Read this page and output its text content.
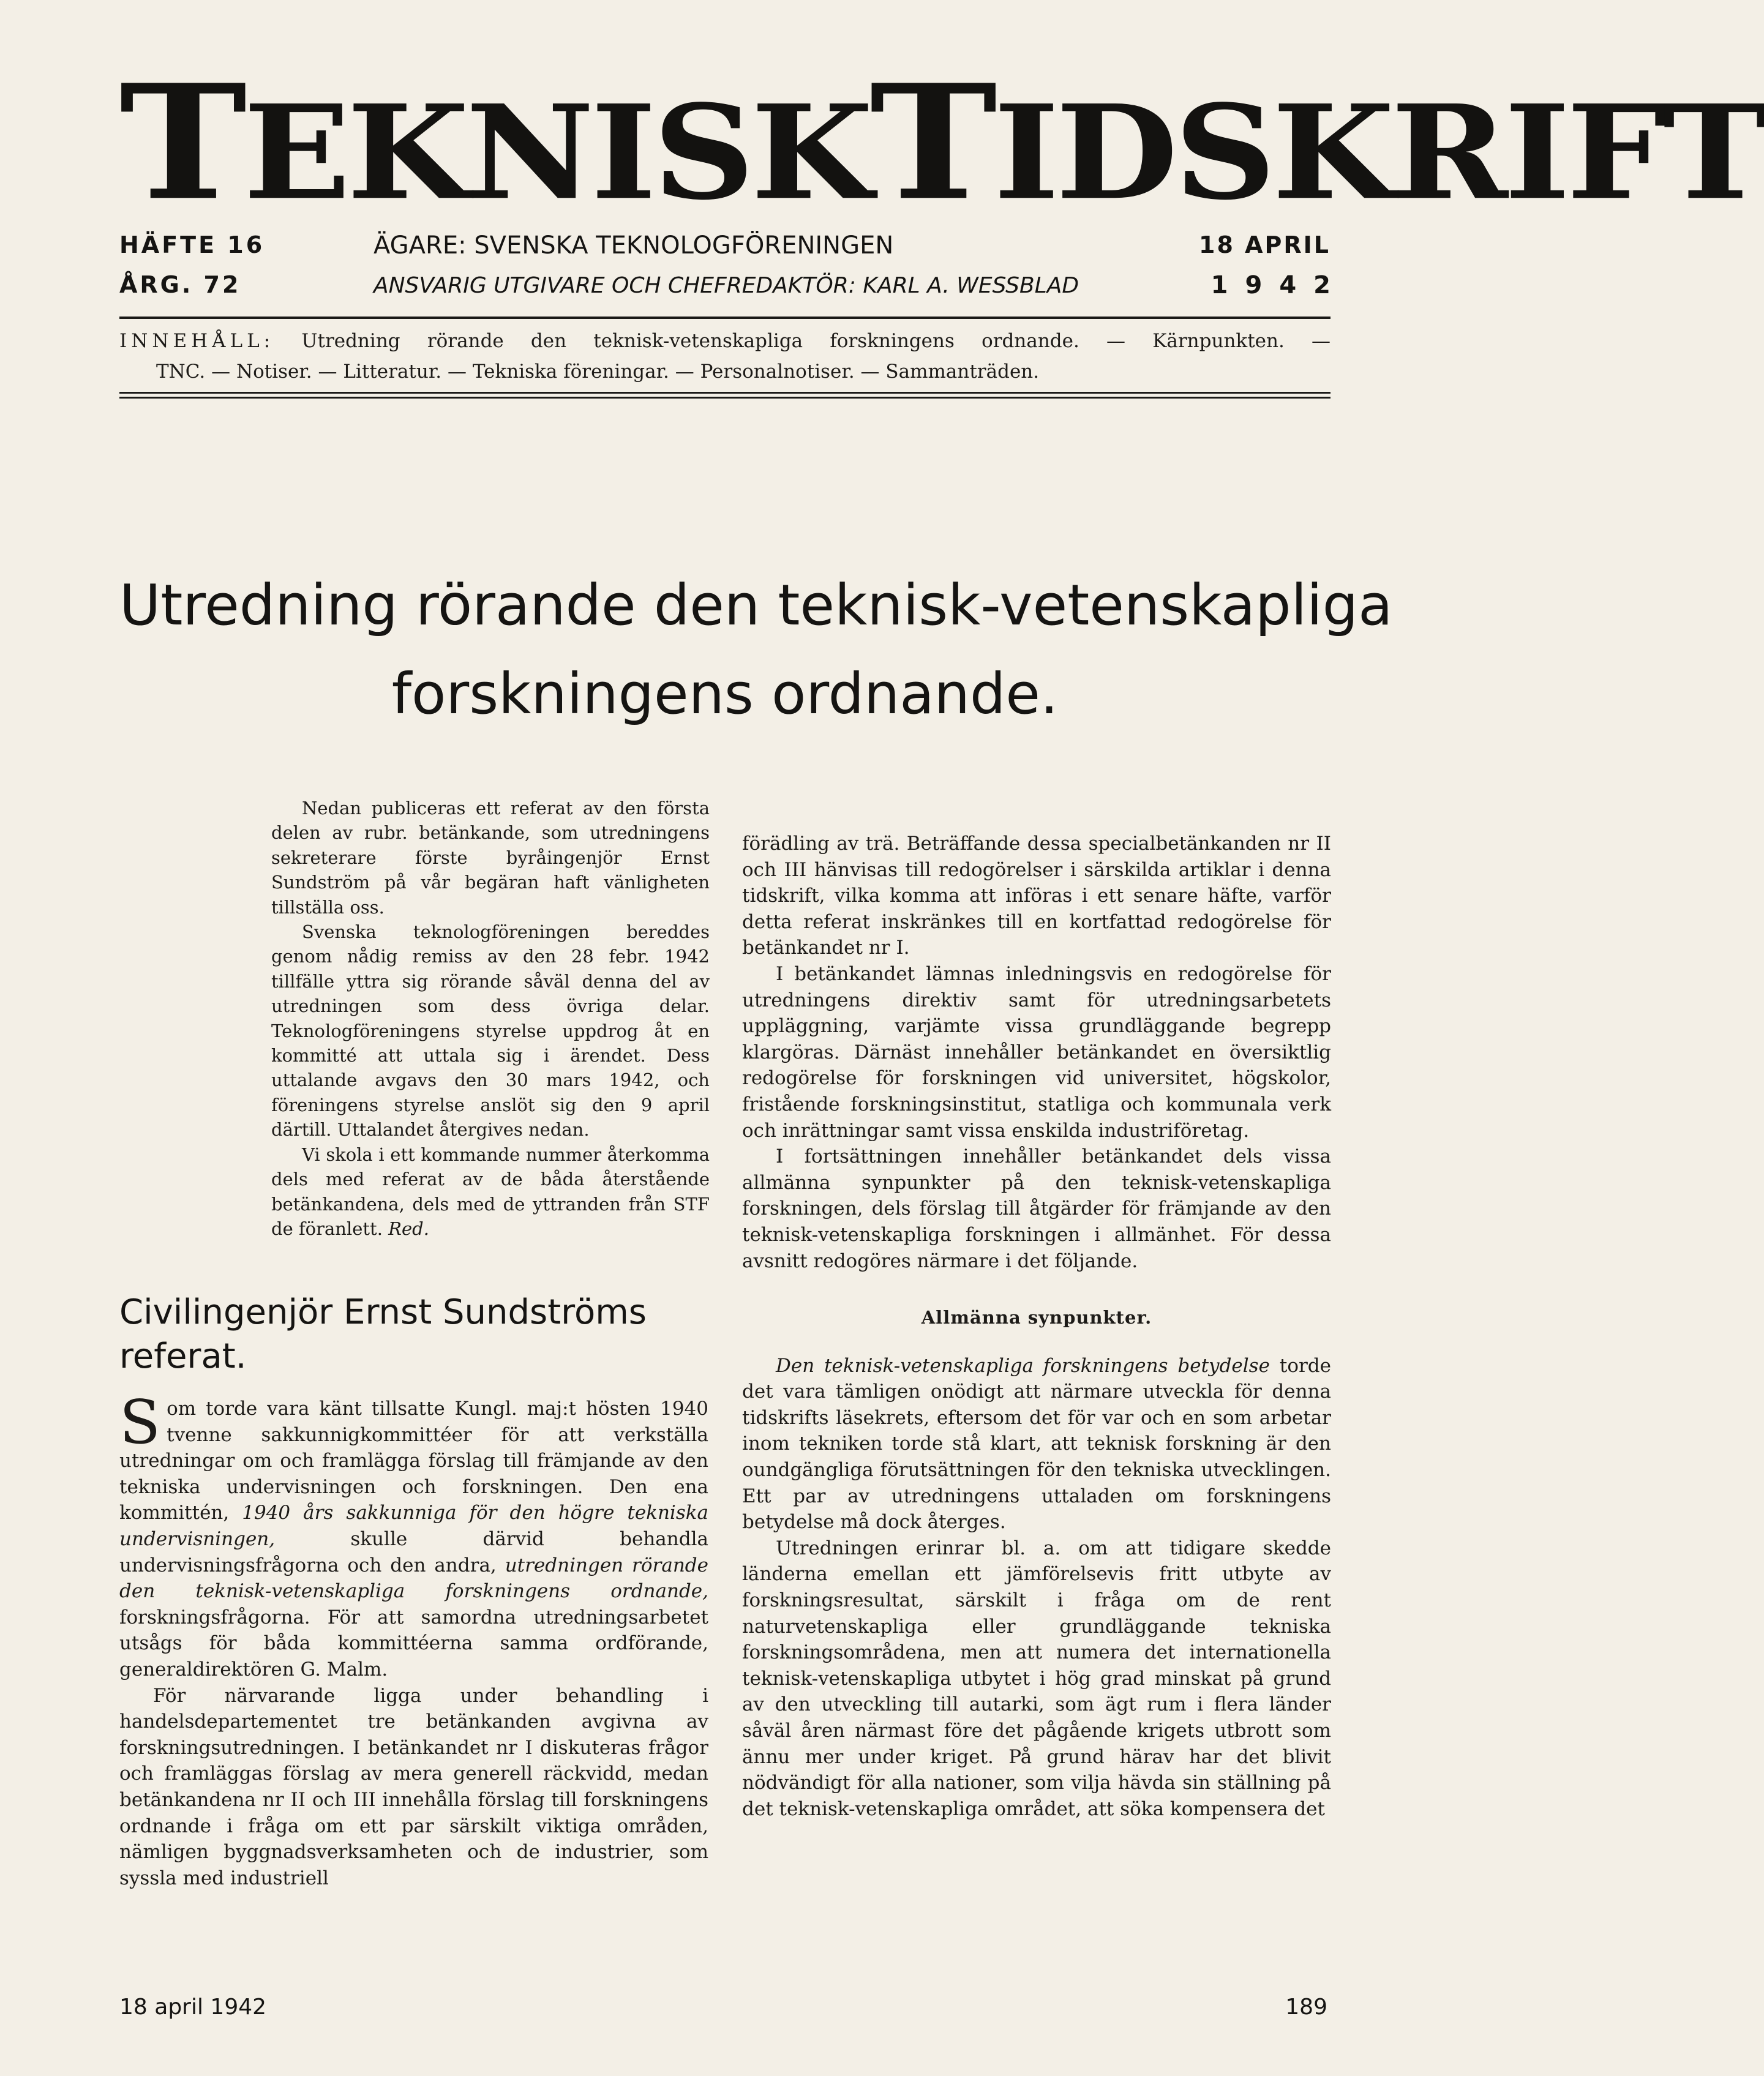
TEKNISKTIDSKRIFT
HÄFTE 16	ÄGARE: SVENSKA TEKNOLOGFÖRENINGEN	18 APRIL
ÅRG. 72	ANSVARIG UTGIVARE OCH CHEFREDAKTÖR: KARL A. WESSBLAD	1942

INNEHÅLL: Utredning rörande den teknisk-vetenskapliga forskningens ordnande. — Kärnpunkten. —

TNC. — Notiser. — Litteratur. — Tekniska föreningar. — Personalnotiser. — Sammanträden.

Utredning rörande den teknisk-vetenskapliga
forskningens ordnande.

Nedan publiceras ett referat av den första delen av rubr. betänkande, som utredningens sekreterare förste byråingenjör Ernst Sundström på vår begäran haft vänligheten tillställa oss.

Svenska teknologföreningen bereddes genom nådig remiss av den 28 febr. 1942 tillfälle yttra sig rörande såväl denna del av utredningen som dess övriga delar. Teknologföreningens styrelse uppdrog åt en kommitté att uttala sig i ärendet. Dess uttalande avgavs den 30 mars 1942, och föreningens styrelse anslöt sig den 9 april därtill. Uttalandet återgives nedan.

Vi skola i ett kommande nummer återkomma dels med referat av de båda återstående betänkandena, dels med de yttranden från STF de föranlett. Red.

Civilingenjör Ernst Sundströms
referat.

Som torde vara känt tillsatte Kungl. maj:t hösten 1940 tvenne sakkunnigkommittéer för att verkställa utredningar om och framlägga förslag till främjande av den tekniska undervisningen och forskningen. Den ena kommittén, 1940 års sakkunniga för den högre tekniska undervisningen, skulle därvid behandla undervisningsfrågorna och den andra, utredningen rörande den teknisk-vetenskapliga forskningens ordnande, forskningsfrågorna. För att samordna utredningsarbetet utsågs för båda kommittéerna samma ordförande, generaldirektören G. Malm.

För närvarande ligga under behandling i handelsdepartementet tre betänkanden avgivna av forskningsutredningen. I betänkandet nr I diskuteras frågor och framläggas förslag av mera generell räckvidd, medan betänkandena nr II och III innehålla förslag till forskningens ordnande i fråga om ett par särskilt viktiga områden, nämligen byggnadsverksamheten och de industrier, som syssla med industriell

förädling av trä. Beträffande dessa specialbetänkanden nr II och III hänvisas till redogörelser i särskilda artiklar i denna tidskrift, vilka komma att införas i ett senare häfte, varför detta referat inskränkes till en kortfattad redogörelse för betänkandet nr I.

I betänkandet lämnas inledningsvis en redogörelse för utredningens direktiv samt för utredningsarbetets uppläggning, varjämte vissa grundläggande begrepp klargöras. Därnäst innehåller betänkandet en översiktlig redogörelse för forskningen vid universitet, högskolor, fristående forskningsinstitut, statliga och kommunala verk och inrättningar samt vissa enskilda industriföretag.

I fortsättningen innehåller betänkandet dels vissa allmänna synpunkter på den teknisk-vetenskapliga forskningen, dels förslag till åtgärder för främjande av den teknisk-vetenskapliga forskningen i allmänhet. För dessa avsnitt redogöres närmare i det följande.

Allmänna synpunkter.

Den teknisk-vetenskapliga forskningens betydelse torde det vara tämligen onödigt att närmare utveckla för denna tidskrifts läsekrets, eftersom det för var och en som arbetar inom tekniken torde stå klart, att teknisk forskning är den oundgängliga förutsättningen för den tekniska utvecklingen. Ett par av utredningens uttaladen om forskningens betydelse må dock återges.

Utredningen erinrar bl. a. om att tidigare skedde länderna emellan ett jämförelsevis fritt utbyte av forskningsresultat, särskilt i fråga om de rent naturvetenskapliga eller grundläggande tekniska forskningsområdena, men att numera det internationella teknisk-vetenskapliga utbytet i hög grad minskat på grund av den utveckling till autarki, som ägt rum i flera länder såväl åren närmast före det pågående krigets utbrott som ännu mer under kriget. På grund härav har det blivit nödvändigt för alla nationer, som vilja hävda sin ställning på det teknisk-vetenskapliga området, att söka kompensera det

18 april 1942	189
